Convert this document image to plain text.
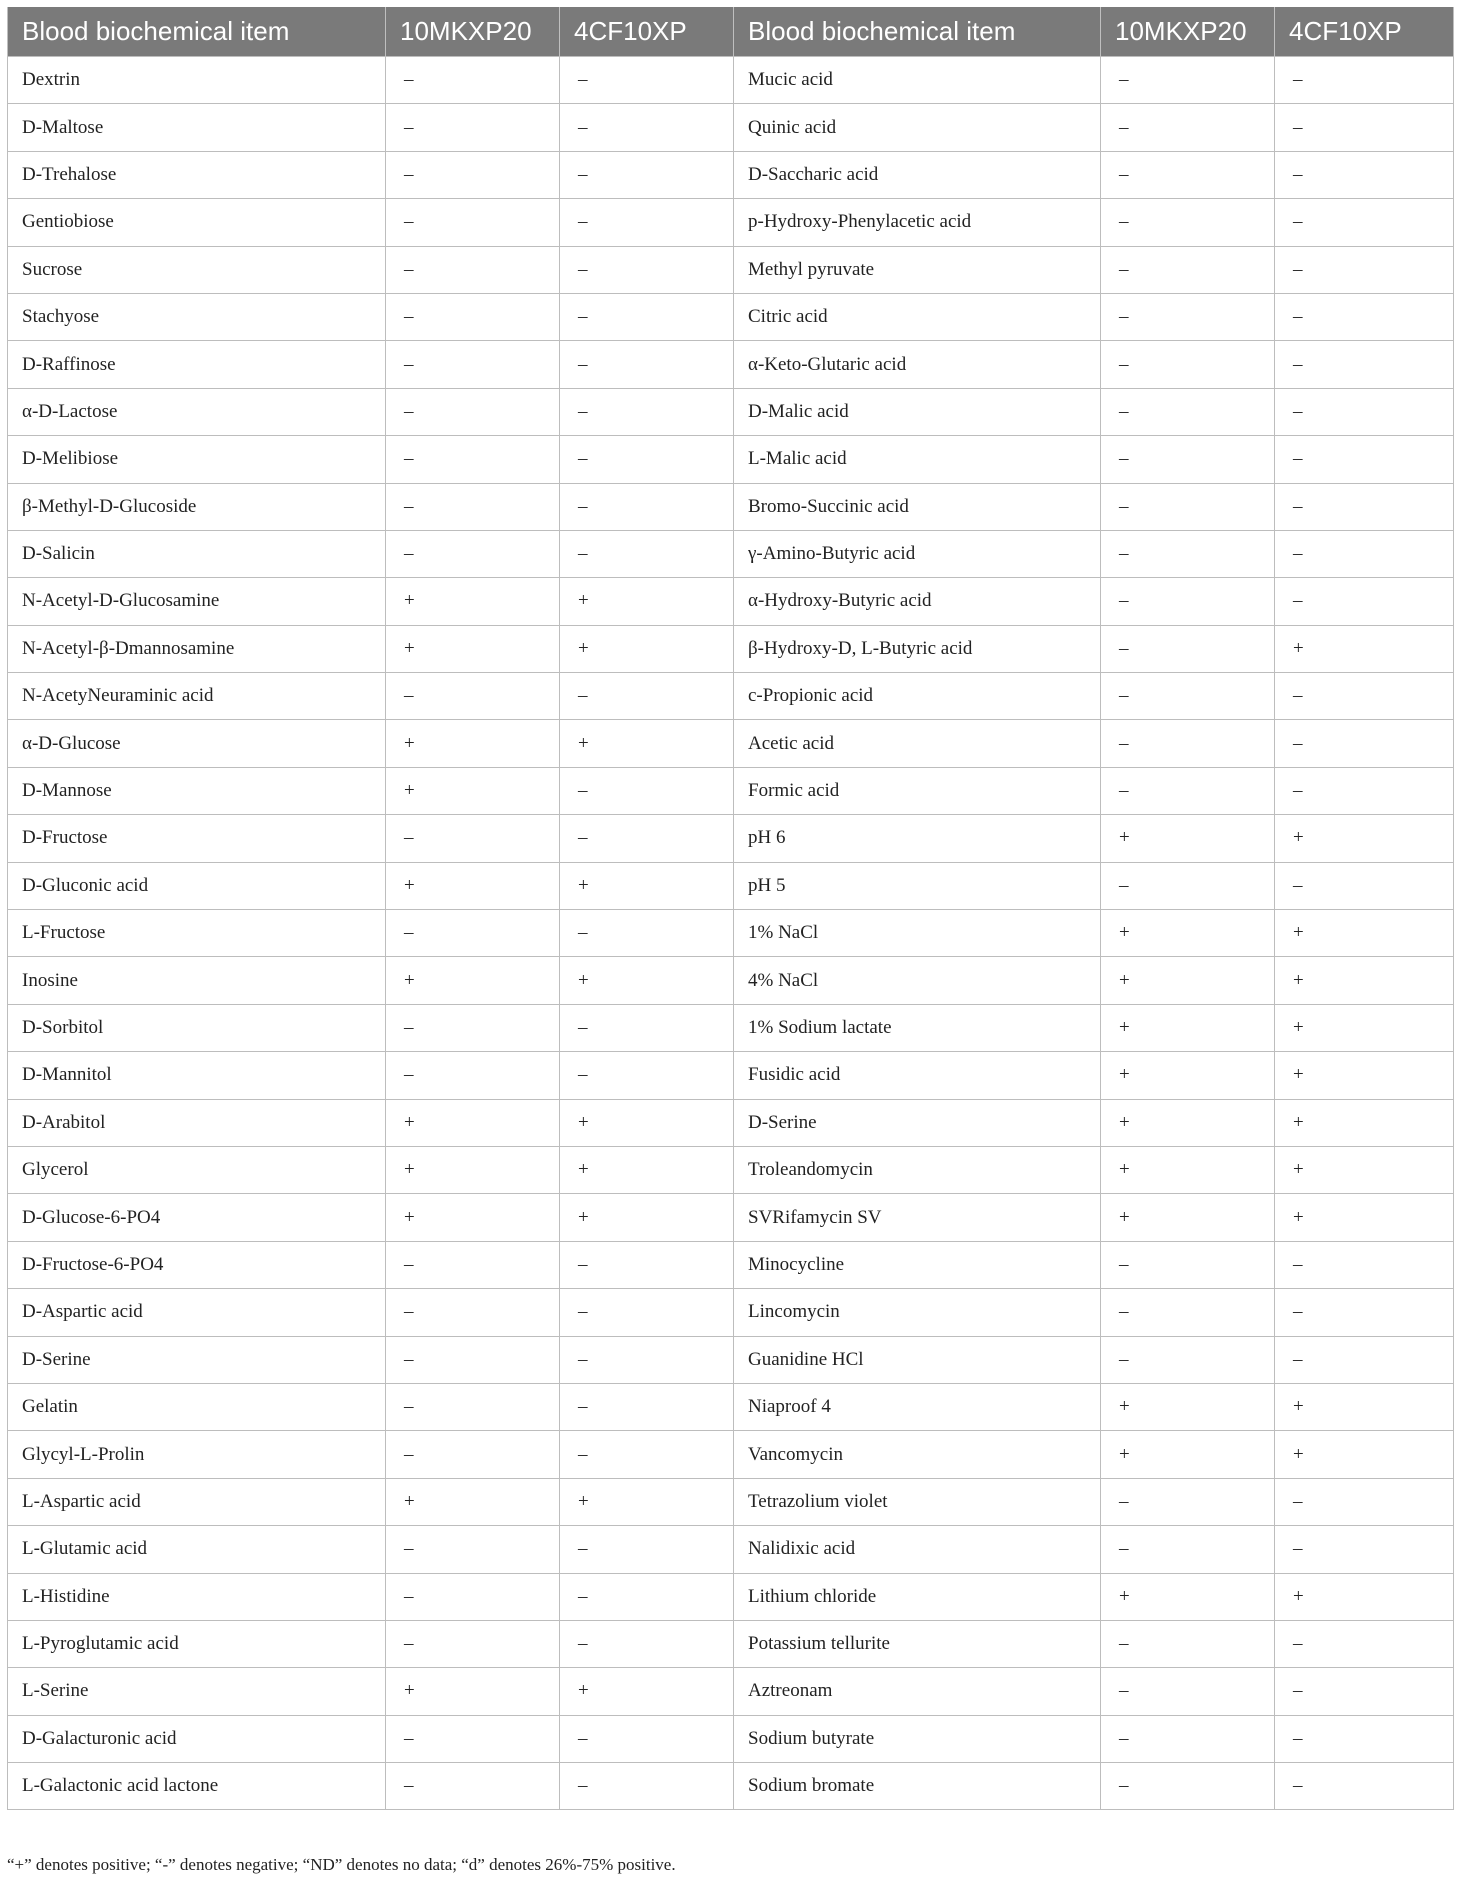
Blood biochemical item	10MKXP20	4CF10XP	Blood biochemical item	10MKXP20	4CF10XP
Dextrin	–	–	Mucic acid	–	–
D-Maltose	–	–	Quinic acid	–	–
D-Trehalose	–	–	D-Saccharic acid	–	–
Gentiobiose	–	–	p-Hydroxy-Phenylacetic acid	–	–
Sucrose	–	–	Methyl pyruvate	–	–
Stachyose	–	–	Citric acid	–	–
D-Raffinose	–	–	α-Keto-Glutaric acid	–	–
α-D-Lactose	–	–	D-Malic acid	–	–
D-Melibiose	–	–	L-Malic acid	–	–
β-Methyl-D-Glucoside	–	–	Bromo-Succinic acid	–	–
D-Salicin	–	–	γ-Amino-Butyric acid	–	–
N-Acetyl-D-Glucosamine	+	+	α-Hydroxy-Butyric acid	–	–
N-Acetyl-β-Dmannosamine	+	+	β-Hydroxy-D, L-Butyric acid	–	+
N-AcetyNeuraminic acid	–	–	c-Propionic acid	–	–
α-D-Glucose	+	+	Acetic acid	–	–
D-Mannose	+	–	Formic acid	–	–
D-Fructose	–	–	pH 6	+	+
D-Gluconic acid	+	+	pH 5	–	–
L-Fructose	–	–	1% NaCl	+	+
Inosine	+	+	4% NaCl	+	+
D-Sorbitol	–	–	1% Sodium lactate	+	+
D-Mannitol	–	–	Fusidic acid	+	+
D-Arabitol	+	+	D-Serine	+	+
Glycerol	+	+	Troleandomycin	+	+
D-Glucose-6-PO4	+	+	SVRifamycin SV	+	+
D-Fructose-6-PO4	–	–	Minocycline	–	–
D-Aspartic acid	–	–	Lincomycin	–	–
D-Serine	–	–	Guanidine HCl	–	–
Gelatin	–	–	Niaproof 4	+	+
Glycyl-L-Prolin	–	–	Vancomycin	+	+
L-Aspartic acid	+	+	Tetrazolium violet	–	–
L-Glutamic acid	–	–	Nalidixic acid	–	–
L-Histidine	–	–	Lithium chloride	+	+
L-Pyroglutamic acid	–	–	Potassium tellurite	–	–
L-Serine	+	+	Aztreonam	–	–
D-Galacturonic acid	–	–	Sodium butyrate	–	–
L-Galactonic acid lactone	–	–	Sodium bromate	–	–
“+” denotes positive; “-” denotes negative; “ND” denotes no data; “d” denotes 26%-75% positive.
